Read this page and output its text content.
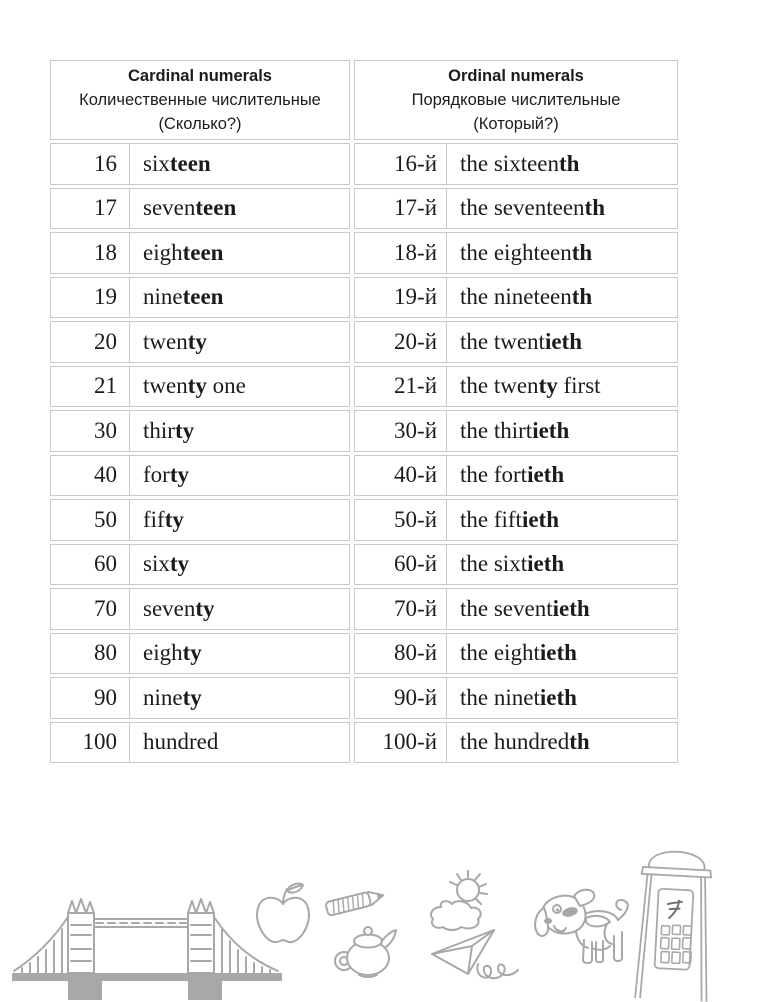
Cardinal numerals
Количественные числительные
(Сколько?)
Ordinal numerals
Порядковые числительные
(Который?)
16 six teen	16-й the sixteen th
17 seven teen	17-й the seventeen th
18 eigh teen	18-й the eighteen th
19 nine teen	19-й the nineteen th
20 twen ty	20-й the twent ieth
21 twen ty one	21-й the twen ty first
30 thir ty	30-й the thirt ieth
40 for ty	40-й the fort ieth
50 fif ty	50-й the fift ieth
60 six ty	60-й the sixt ieth
70 seven ty	70-й the sevent ieth
80 eigh ty	80-й the eight ieth
90 nine ty	90-й the ninet ieth
100 hundred	100-й the hundred th
